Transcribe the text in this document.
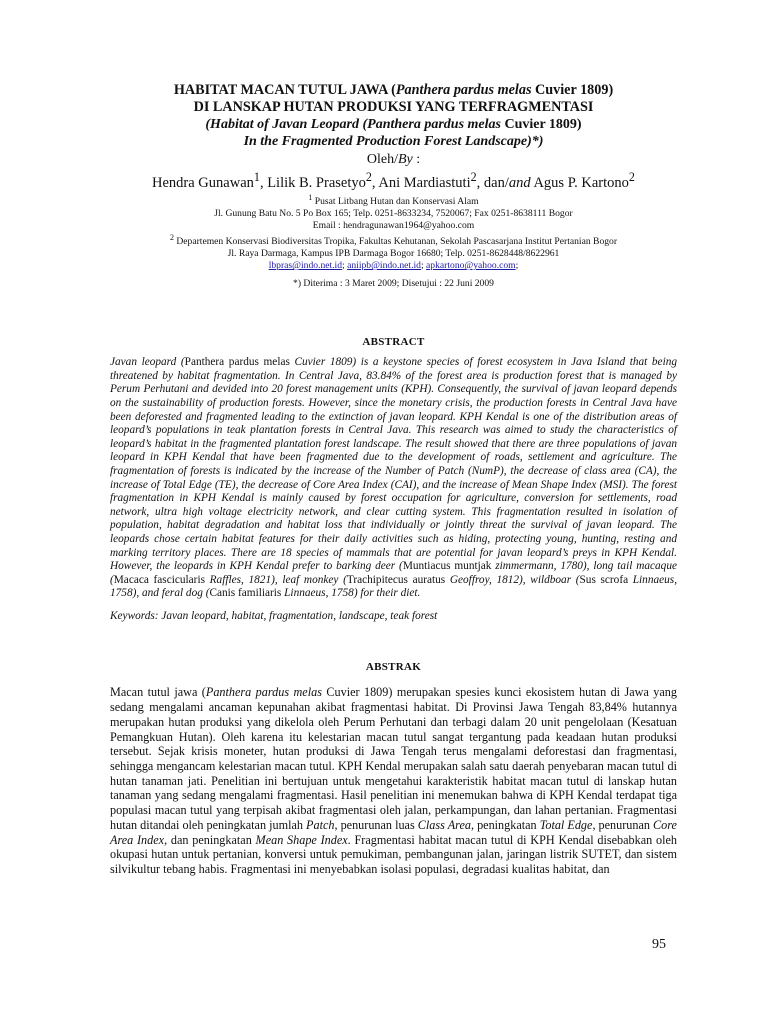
HABITAT MACAN TUTUL JAWA (Panthera pardus melas Cuvier 1809)
DI LANSKAP HUTAN PRODUKSI YANG TERFRAGMENTASI
(Habitat of Javan Leopard (Panthera pardus melas Cuvier 1809)
In the Fragmented Production Forest Landscape)*)
Oleh/By :
Hendra Gunawan$^1$, Lilik B. Prasetyo$^2$, Ani Mardiastuti$^2$, dan/and Agus P. Kartono$^2$
$^1$ Pusat Litbang Hutan dan Konservasi Alam
Jl. Gunung Batu No. 5 Po Box 165; Telp. 0251-8633234, 7520067; Fax 0251-8638111 Bogor
Email : hendragunawan1964@yahoo.com
$^2$ Departemen Konservasi Biodiversitas Tropika, Fakultas Kehutanan, Sekolah Pascasarjana Institut Pertanian Bogor
Jl. Raya Darmaga, Kampus IPB Darmaga Bogor 16680; Telp. 0251-8628448/8622961
lbpras@indo.net.id; aniipb@indo.net.id; apkartono@yahoo.com;
*) Diterima : 3 Maret 2009; Disetujui : 22 Juni 2009
ABSTRACT
Javan leopard (Panthera pardus melas Cuvier 1809) is a keystone species of forest ecosystem in Java Island that being threatened by habitat fragmentation. In Central Java, 83.84% of the forest area is production forest that is managed by Perum Perhutani and devided into 20 forest management units (KPH). Consequently, the survival of javan leopard depends on the sustainability of production forests. However, since the monetary crisis, the production forests in Central Java have been deforested and fragmented leading to the extinction of javan leopard. KPH Kendal is one of the distribution areas of leopard’s populations in teak plantation forests in Central Java. This research was aimed to study the characteristics of leopard’s habitat in the fragmented plantation forest landscape. The result showed that there are three populations of javan leopard in KPH Kendal that have been fragmented due to the development of roads, settlement and agriculture. The fragmentation of forests is indicated by the increase of the Number of Patch (NumP), the decrease of class area (CA), the increase of Total Edge (TE), the decrease of Core Area Index (CAI), and the increase of Mean Shape Index (MSI). The forest fragmentation in KPH Kendal is mainly caused by forest occupation for agriculture, conversion for settlements, road network, ultra high voltage electricity network, and clear cutting system. This fragmentation resulted in isolation of population, habitat degradation and habitat loss that individually or jointly threat the survival of javan leopard. The leopards chose certain habitat features for their daily activities such as hiding, protecting young, hunting, resting and marking territory places. There are 18 species of mammals that are potential for javan leopard’s preys in KPH Kendal. However, the leopards in KPH Kendal prefer to barking deer (Muntiacus muntjak zimmermann, 1780), long tail macaque (Macaca fascicularis Raffles, 1821), leaf monkey (Trachipitecus auratus Geoffroy, 1812), wildboar (Sus scrofa Linnaeus, 1758), and feral dog (Canis familiaris Linnaeus, 1758) for their diet.
Keywords: Javan leopard, habitat, fragmentation, landscape, teak forest
ABSTRAK
Macan tutul jawa (Panthera pardus melas Cuvier 1809) merupakan spesies kunci ekosistem hutan di Jawa yang sedang mengalami ancaman kepunahan akibat fragmentasi habitat. Di Provinsi Jawa Tengah 83,84% hutannya merupakan hutan produksi yang dikelola oleh Perum Perhutani dan terbagi dalam 20 unit pengelolaan (Kesatuan Pemangkuan Hutan). Oleh karena itu kelestarian macan tutul sangat tergantung pada keadaan hutan produksi tersebut. Sejak krisis moneter, hutan produksi di Jawa Tengah terus mengalami deforestasi dan fragmentasi, sehingga mengancam kelestarian macan tutul. KPH Kendal merupakan salah satu daerah penyebaran macan tutul di hutan tanaman jati. Penelitian ini bertujuan untuk mengetahui karakteristik habitat macan tutul di lanskap hutan tanaman yang sedang mengalami fragmentasi. Hasil penelitian ini menemukan bahwa di KPH Kendal terdapat tiga populasi macan tutul yang terpisah akibat fragmentasi oleh jalan, perkampungan, dan lahan pertanian. Fragmentasi hutan ditandai oleh peningkatan jumlah Patch, penurunan luas Class Area, peningkatan Total Edge, penurunan Core Area Index, dan peningkatan Mean Shape Index. Fragmentasi habitat macan tutul di KPH Kendal disebabkan oleh okupasi hutan untuk pertanian, konversi untuk pemukiman, pembangunan jalan, jaringan listrik SUTET, dan sistem silvikultur tebang habis. Fragmentasi ini menyebabkan isolasi populasi, degradasi kualitas habitat, dan
95
